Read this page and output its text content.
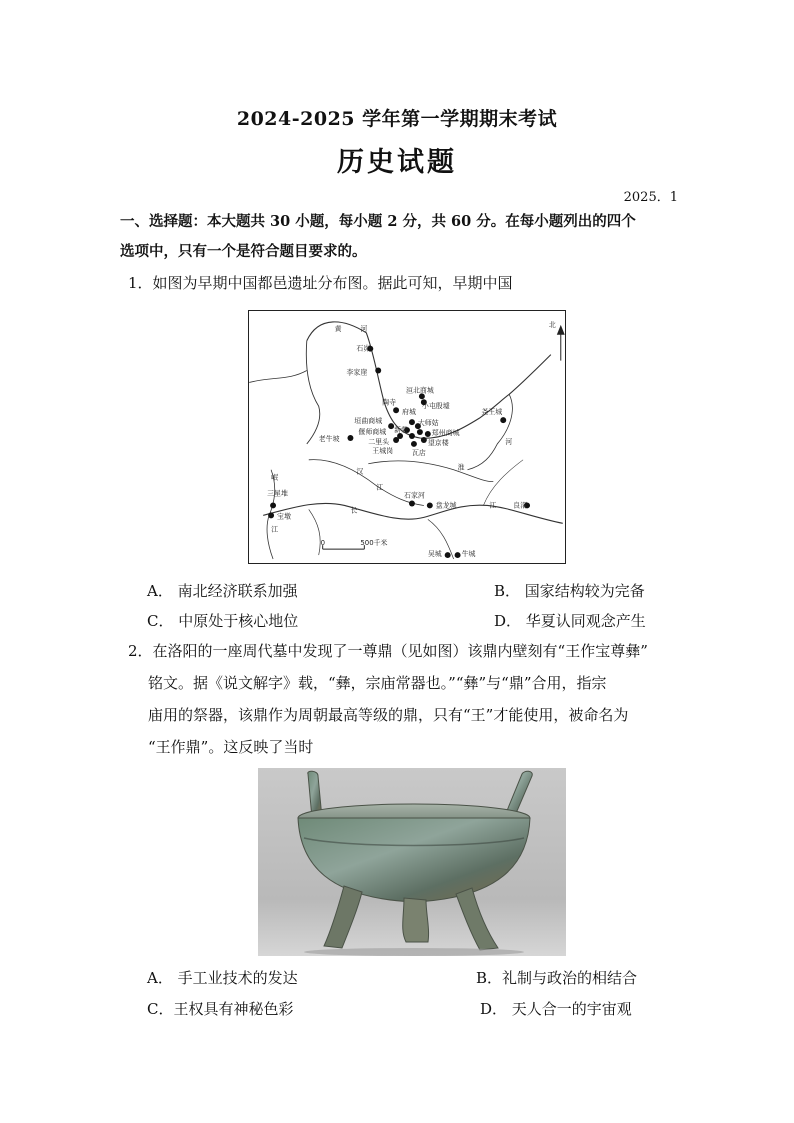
2024-2025 学年第一学期期末考试
历史试题
2025．1
一、选择题：本大题共 30 小题，每小题 2 分，共 60 分。在每小题列出的四个
选项中，只有一个是符合题目要求的。
1．如图为早期中国都邑遗址分布图。据此可知，早期中国
北
0	500千米
黄	河
石峁
李家崖
陶寺
洹北商城
小屯殷墟
府城
垣曲商城	大师姑
偃师商城 新砦	郑州商城
老牛坡	二里头	望京楼
王城岗	瓦店
尧王城
河
淮
汉
江
岷
三星堆
宝墩
江
石家河
盘龙城
长
江 良渚
吴城	牛城
A． 南北经济联系加强	B． 国家结构较为完备
C． 中原处于核心地位	D． 华夏认同观念产生
2．在洛阳的一座周代墓中发现了一尊鼎（见如图）该鼎内壁刻有“王作宝尊彝”
铭文。据《说文解字》载，“彝，宗庙常器也。”“彝”与“鼎”合用，指宗
庙用的祭器，该鼎作为周朝最高等级的鼎，只有“王”才能使用，被命名为
“王作鼎”。这反映了当时
A． 手工业技术的发达	B．礼制与政治的相结合
C．王权具有神秘色彩	D． 天人合一的宇宙观
